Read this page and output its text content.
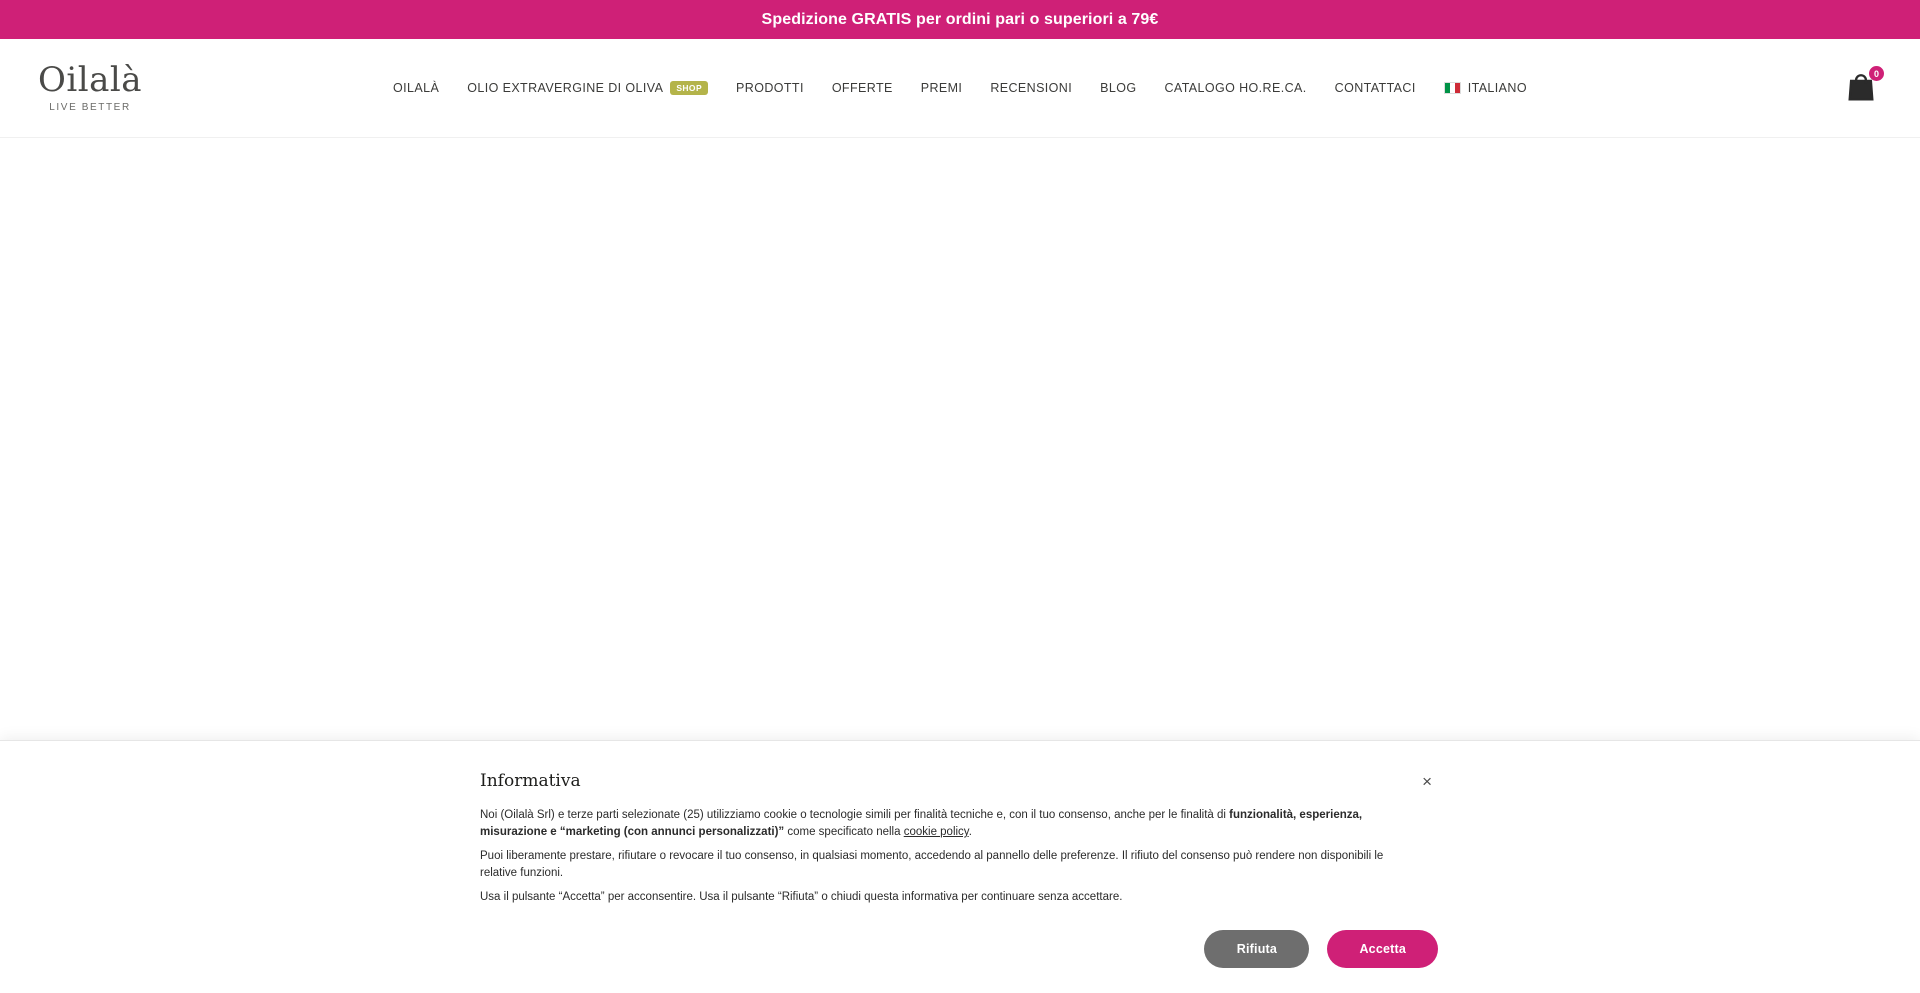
Spedizione GRATIS per ordini pari o superiori a 79€
Oilalà
LIVE BETTER
OILALÀ OLIO EXTRAVERGINE DI OLIVA	SHOP	PRODOTTI OFFERTE PREMI RECENSIONI BLOG CATALOGO HO.RE.CA. CONTATTACI	ITALIANO
0
Informativa	×

Noi (Oilalà Srl) e terze parti selezionate (25) utilizziamo cookie o tecnologie simili per finalità tecniche e, con il tuo consenso, anche per le finalità di funzionalità, esperienza, misurazione e “marketing (con annunci personalizzati)” come specificato nella cookie policy.

Puoi liberamente prestare, rifiutare o revocare il tuo consenso, in qualsiasi momento, accedendo al pannello delle preferenze. Il rifiuto del consenso può rendere non disponibili le relative funzioni.

Usa il pulsante “Accetta” per acconsentire. Usa il pulsante “Rifiuta” o chiudi questa informativa per continuare senza accettare.

Rifiuta	Accetta
